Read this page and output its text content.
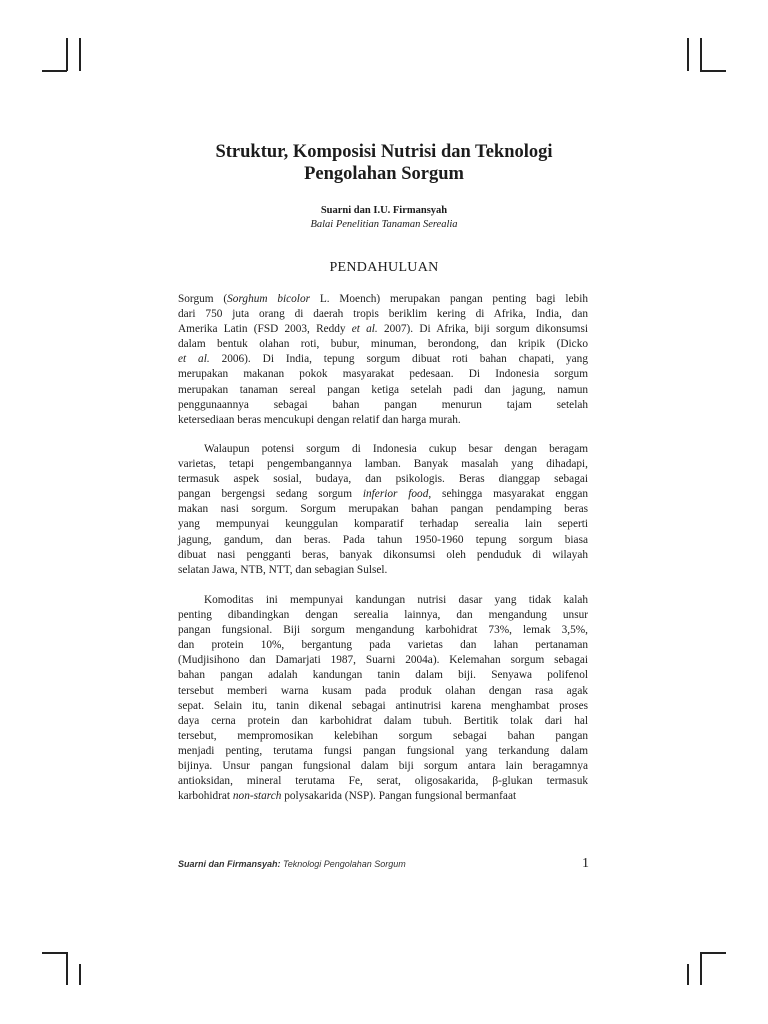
Struktur, Komposisi Nutrisi dan Teknologi
Pengolahan Sorgum
Suarni dan I.U. Firmansyah
Balai Penelitian Tanaman Serealia
PENDAHULUAN
Sorgum (Sorghum bicolor L. Moench) merupakan pangan penting bagi lebih
dari 750 juta orang di daerah tropis beriklim kering di Afrika, India, dan
Amerika Latin (FSD 2003, Reddy et al. 2007). Di Afrika, biji sorgum dikonsumsi
dalam bentuk olahan roti, bubur, minuman, berondong, dan kripik (Dicko
et al. 2006). Di India, tepung sorgum dibuat roti bahan chapati, yang
merupakan makanan pokok masyarakat pedesaan. Di Indonesia sorgum
merupakan tanaman sereal pangan ketiga setelah padi dan jagung, namun
penggunaannya sebagai bahan pangan menurun tajam setelah
ketersediaan beras mencukupi dengan relatif dan harga murah.
Walaupun potensi sorgum di Indonesia cukup besar dengan beragam
varietas, tetapi pengembangannya lamban. Banyak masalah yang dihadapi,
termasuk aspek sosial, budaya, dan psikologis. Beras dianggap sebagai
pangan bergengsi sedang sorgum inferior food, sehingga masyarakat enggan
makan nasi sorgum. Sorgum merupakan bahan pangan pendamping beras
yang mempunyai keunggulan komparatif terhadap serealia lain seperti
jagung, gandum, dan beras. Pada tahun 1950-1960 tepung sorgum biasa
dibuat nasi pengganti beras, banyak dikonsumsi oleh penduduk di wilayah
selatan Jawa, NTB, NTT, dan sebagian Sulsel.
Komoditas ini mempunyai kandungan nutrisi dasar yang tidak kalah
penting dibandingkan dengan serealia lainnya, dan mengandung unsur
pangan fungsional. Biji sorgum mengandung karbohidrat 73%, lemak 3,5%,
dan protein 10%, bergantung pada varietas dan lahan pertanaman
(Mudjisihono dan Damarjati 1987, Suarni 2004a). Kelemahan sorgum sebagai
bahan pangan adalah kandungan tanin dalam biji. Senyawa polifenol
tersebut memberi warna kusam pada produk olahan dengan rasa agak
sepat. Selain itu, tanin dikenal sebagai antinutrisi karena menghambat proses
daya cerna protein dan karbohidrat dalam tubuh. Bertitik tolak dari hal
tersebut, mempromosikan kelebihan sorgum sebagai bahan pangan
menjadi penting, terutama fungsi pangan fungsional yang terkandung dalam
bijinya. Unsur pangan fungsional dalam biji sorgum antara lain beragamnya
antioksidan, mineral terutama Fe, serat, oligosakarida, β-glukan termasuk
karbohidrat non-starch polysakarida (NSP). Pangan fungsional bermanfaat
Suarni dan Firmansyah: Teknologi Pengolahan Sorgum	1
